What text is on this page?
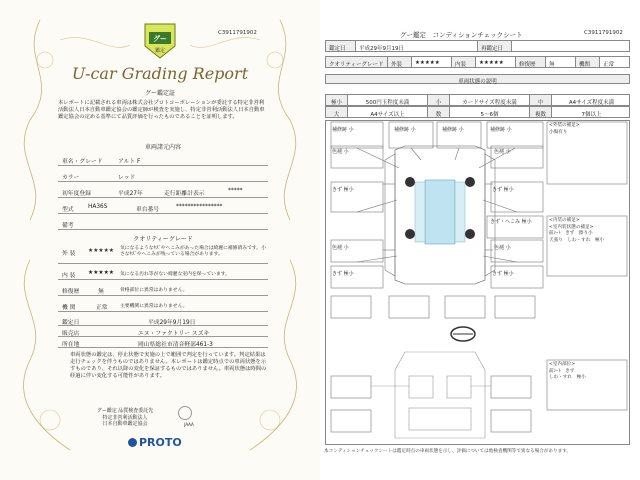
C3911791902
グー
鑑定
U-car Grading Report
グー鑑定証
本レポートに記載される車両は株式会社プロトコーポレーションが委託する特定非営利活動法人日本自動車鑑定協会の鑑定師が検査を実施し、特定非営利活動法人日本自動車鑑定協会の定める基準にて品質評価を行ったものであることを証明します。
車両諸元内容
車名・グレード	アルト F
カラー	レッド
初年度登録	平成27年	走行距離計表示	*****
型式 HA36S	車台番号	****************
備考
クオリティーグレード
外 装 ★★★★★ 気になるようなｷｽﾞやへこみがあった場合は綺麗に補修済みです。小さなｷｽﾞやへこみが残っている場合があります。
内 装 ★★★★★ 気になる汚れ等がない綺麗な室内を保っています。
修復歴	無	骨格部位に異常はありません。
機 関	正常	主要機関に異常はありません。
鑑定日	平成29年9月19日
販売店	エヌ・ファクトリー スズキ
所在地	岡山県総社市清音軽部461-3
車両状態の鑑定は、停止状態で実施の上で範囲で判定を行っています。判定結果は走行チェックを伴うものではありません。本レポートは鑑定時点での車両状態を示すものであり、それ以降の変化を保証するものではありません。車両状態は時間の経過に伴い変化する可能性があります。
グー鑑定 品質検査委託先
特定非営利活動法人
日本自動車鑑定協会	JAAA
PROTO
C3911791902
グー鑑定　コンディションチェックシート
鑑定日	平成29年9月19日	再鑑定日
クオリティーグレード	外装	★★★★★	内装	★★★★★	修復歴	無	機関	正常
車両状態の説明
極小	500円玉程度未満	小	カードサイズ程度未満	中	A4サイズ程度未満
大	A4サイズ以上	数	5～6個	複数	7個以上
補修跡 小	補修跡 小	補修跡 小	補修跡 小
色褪 小	色褪 小
きず 極小	きず 極小
きず・へこみ 極小
色褪 小	色褪 小
きず 極小	きず 極小
<外装の補足>
小傷有り
<内装の補足>
<室内装状態の補足>
前ｼｰﾄ　きず　擦り小
天張り　しわ・すれ　極小
<室内部位>
前ｼｰﾄ　きず
しわ・すれ　極小
本コンディションチェックシートは鑑定時点の車両状態を示し、評価については他検査機関等で異なる場合があります。
